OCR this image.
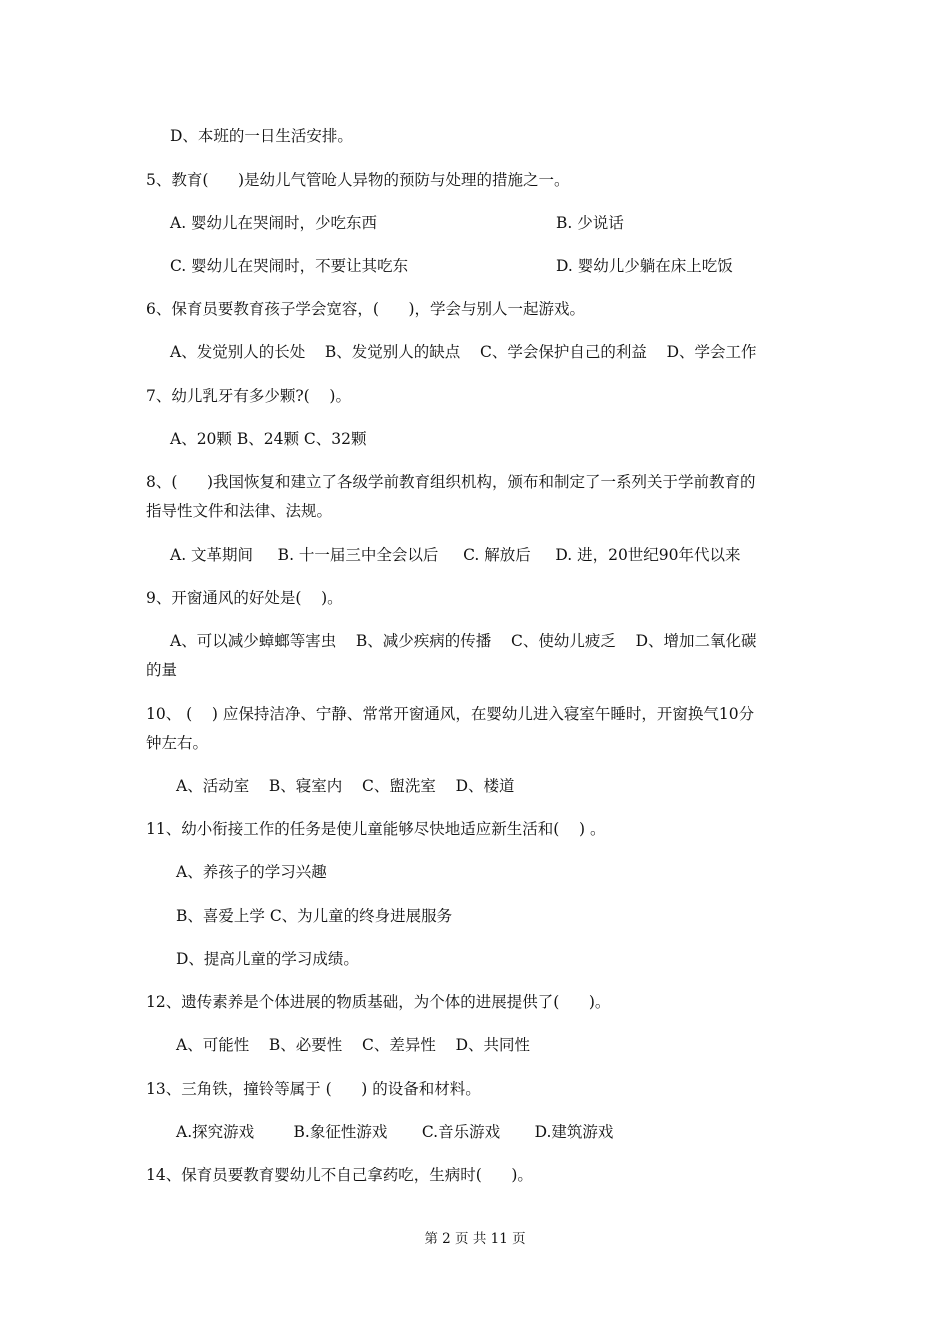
D、本班的一日生活安排。
5、教育(      )是幼儿气管呛人异物的预防与处理的措施之一。
A. 婴幼儿在哭闹时，少吃东西	B. 少说话
C. 婴幼儿在哭闹时，不要让其吃东	D. 婴幼儿少躺在床上吃饭
6、保育员要教育孩子学会宽容，(      )，学会与别人一起游戏。
A、发觉别人的长处    B、发觉别人的缺点    C、学会保护自己的利益    D、学会工作
7、幼儿乳牙有多少颗?(    )。
A、20颗 B、24颗 C、32颗
8、(      )我国恢复和建立了各级学前教育组织机构，颁布和制定了一系列关于学前教育的
指导性文件和法律、法规。
A. 文革期间     B. 十一届三中全会以后     C. 解放后     D. 进，20世纪90年代以来
9、开窗通风的好处是(    )。
A、可以减少蟑螂等害虫    B、减少疾病的传播    C、使幼儿疲乏    D、增加二氧化碳
的量
10、 (    ) 应保持洁净、宁静、常常开窗通风，在婴幼儿进入寝室午睡时，开窗换气10分
钟左右。
A、活动室    B、寝室内    C、盥洗室    D、楼道
11、幼小衔接工作的任务是使儿童能够尽快地适应新生活和(    ) 。
A、养孩子的学习兴趣
B、喜爱上学 C、为儿童的终身进展服务
D、提高儿童的学习成绩。
12、遗传素养是个体进展的物质基础，为个体的进展提供了(      )。
A、可能性    B、必要性    C、差异性    D、共同性
13、三角铁，撞铃等属于 (      ) 的设备和材料。
A.探究游戏        B.象征性游戏       C.音乐游戏       D.建筑游戏
14、保育员要教育婴幼儿不自己拿药吃，生病时(      )。
第 2 页 共 11 页
